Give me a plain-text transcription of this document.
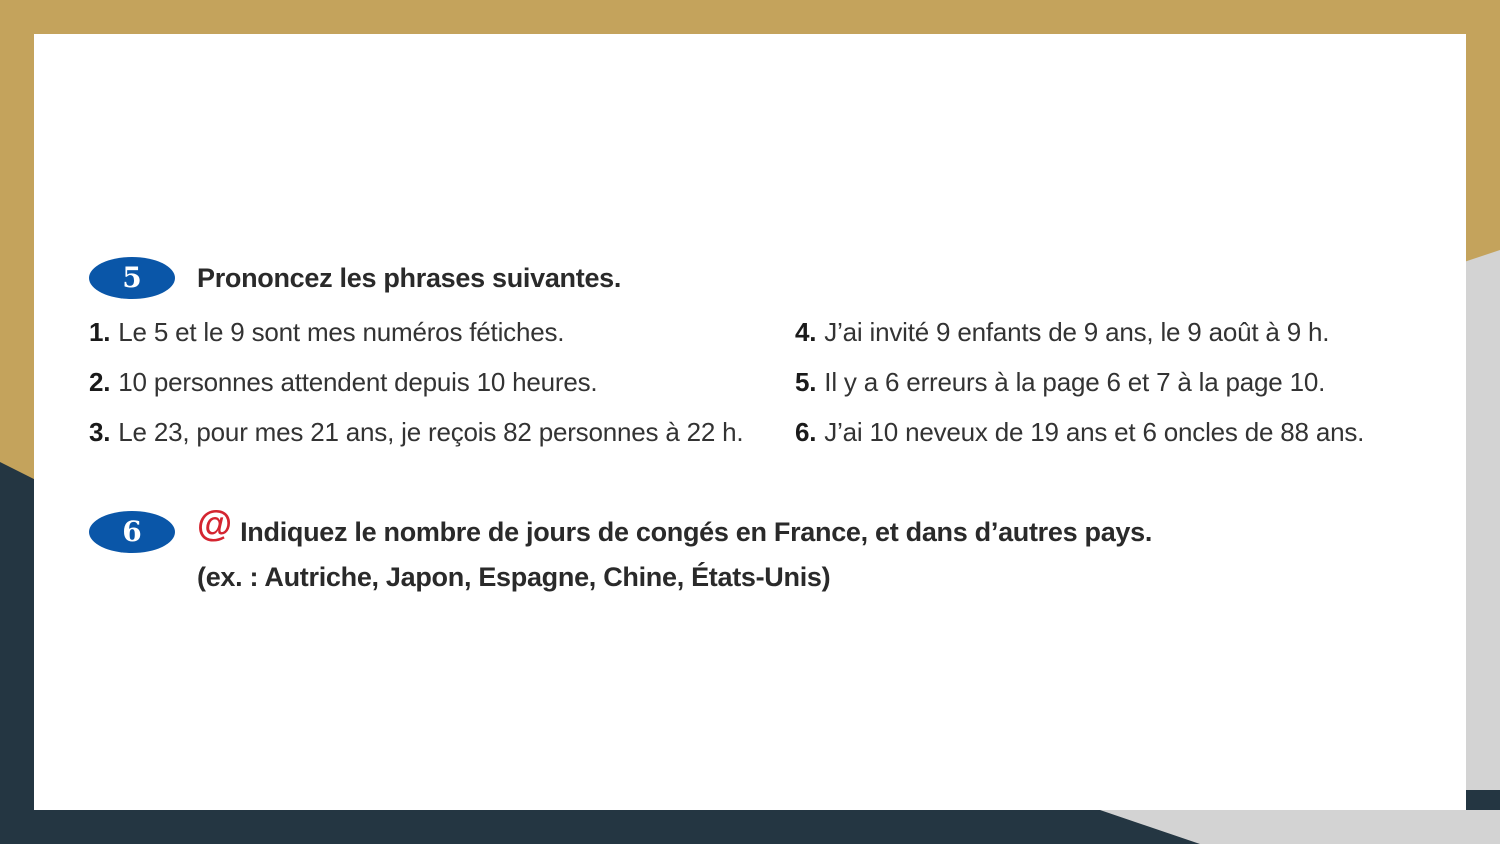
5	Prononcez les phrases suivantes.
1. Le 5 et le 9 sont mes numéros fétiches.	4. J’ai invité 9 enfants de 9 ans, le 9 août à 9 h.
2. 10 personnes attendent depuis 10 heures.	5. Il y a 6 erreurs à la page 6 et 7 à la page 10.
3. Le 23, pour mes 21 ans, je reçois 82 personnes à 22 h.	6. J’ai 10 neveux de 19 ans et 6 oncles de 88 ans.
6	@ Indiquez le nombre de jours de congés en France, et dans d’autres pays.
(ex. : Autriche, Japon, Espagne, Chine, États-Unis)
